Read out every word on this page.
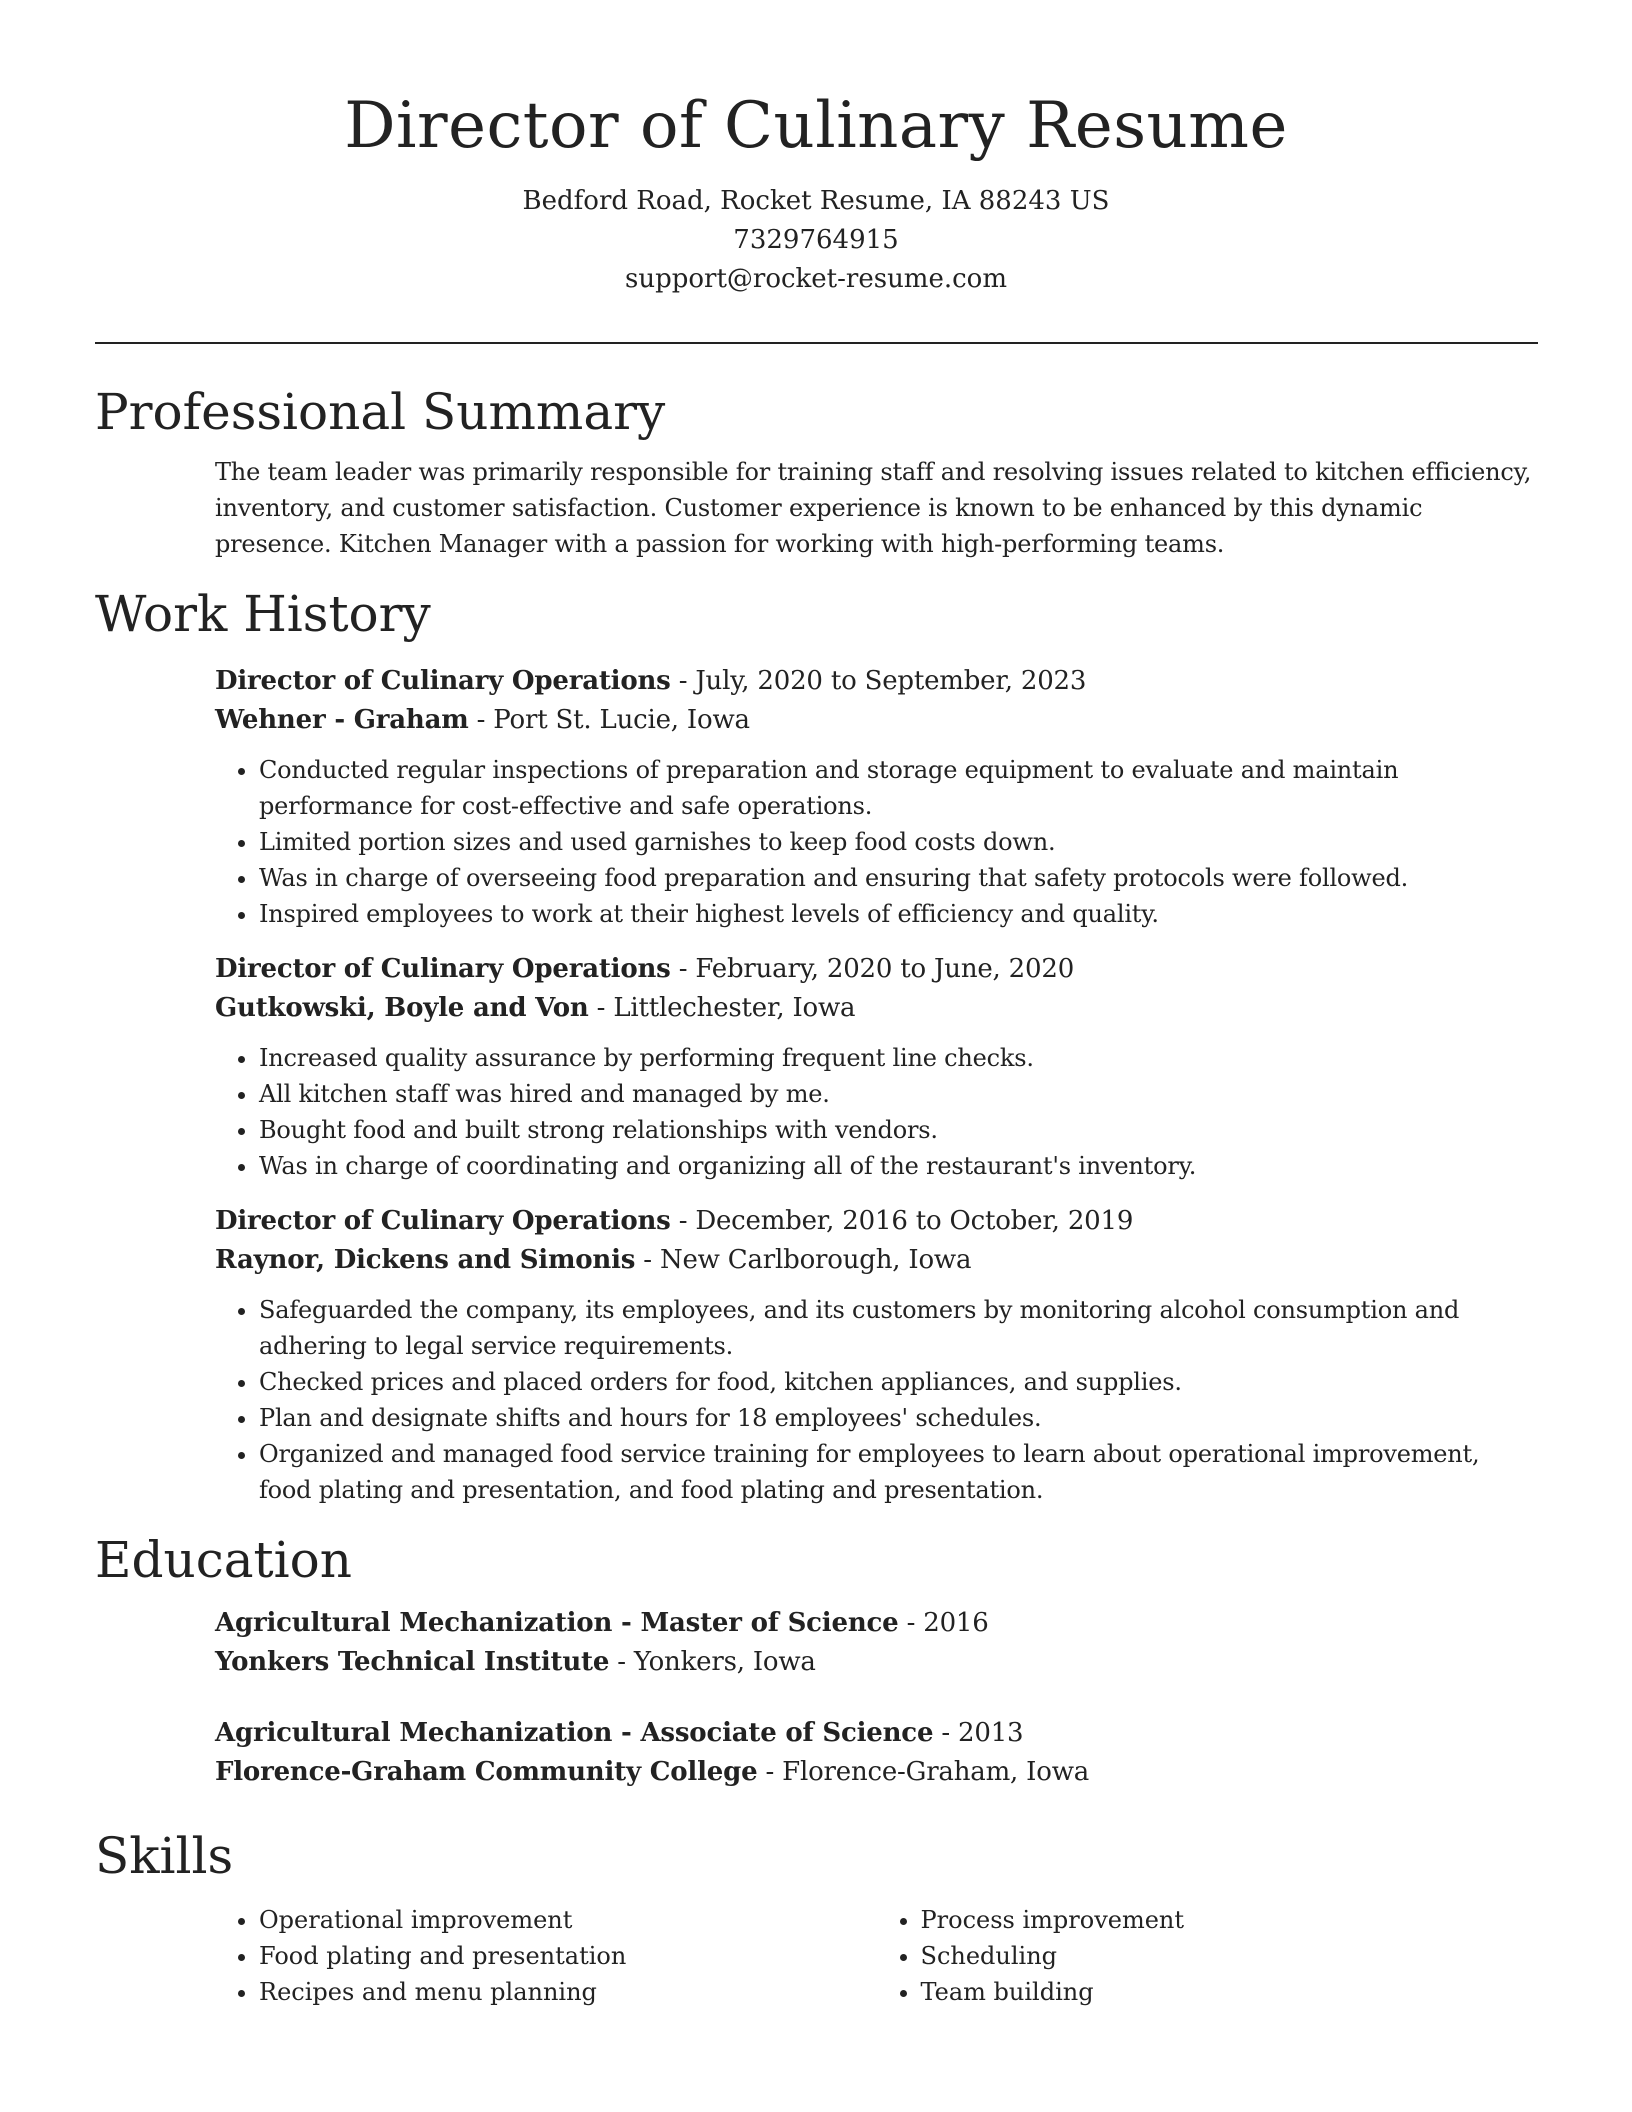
Director of Culinary Resume
Bedford Road, Rocket Resume, IA 88243 US
7329764915
support@rocket-resume.com
Professional Summary

The team leader was primarily responsible for training staff and resolving issues related to kitchen efficiency, inventory, and customer satisfaction. Customer experience is known to be enhanced by this dynamic presence. Kitchen Manager with a passion for working with high-performing teams.

Work History
Director of Culinary Operations - July, 2020 to September, 2023
Wehner - Graham - Port St. Lucie, Iowa
• Conducted regular inspections of preparation and storage equipment to evaluate and maintain performance for cost-effective and safe operations.
• Limited portion sizes and used garnishes to keep food costs down.
• Was in charge of overseeing food preparation and ensuring that safety protocols were followed.
• Inspired employees to work at their highest levels of efficiency and quality.
Director of Culinary Operations - February, 2020 to June, 2020
Gutkowski, Boyle and Von - Littlechester, Iowa
• Increased quality assurance by performing frequent line checks.
• All kitchen staff was hired and managed by me.
• Bought food and built strong relationships with vendors.
• Was in charge of coordinating and organizing all of the restaurant's inventory.
Director of Culinary Operations - December, 2016 to October, 2019
Raynor, Dickens and Simonis - New Carlborough, Iowa
• Safeguarded the company, its employees, and its customers by monitoring alcohol consumption and adhering to legal service requirements.
• Checked prices and placed orders for food, kitchen appliances, and supplies.
• Plan and designate shifts and hours for 18 employees' schedules.
• Organized and managed food service training for employees to learn about operational improvement, food plating and presentation, and food plating and presentation.
Education
Agricultural Mechanization - Master of Science - 2016
Yonkers Technical Institute - Yonkers, Iowa
Agricultural Mechanization - Associate of Science - 2013
Florence-Graham Community College - Florence-Graham, Iowa
Skills
• Operational improvement
• Food plating and presentation
• Recipes and menu planning
• Process improvement
• Scheduling
• Team building
